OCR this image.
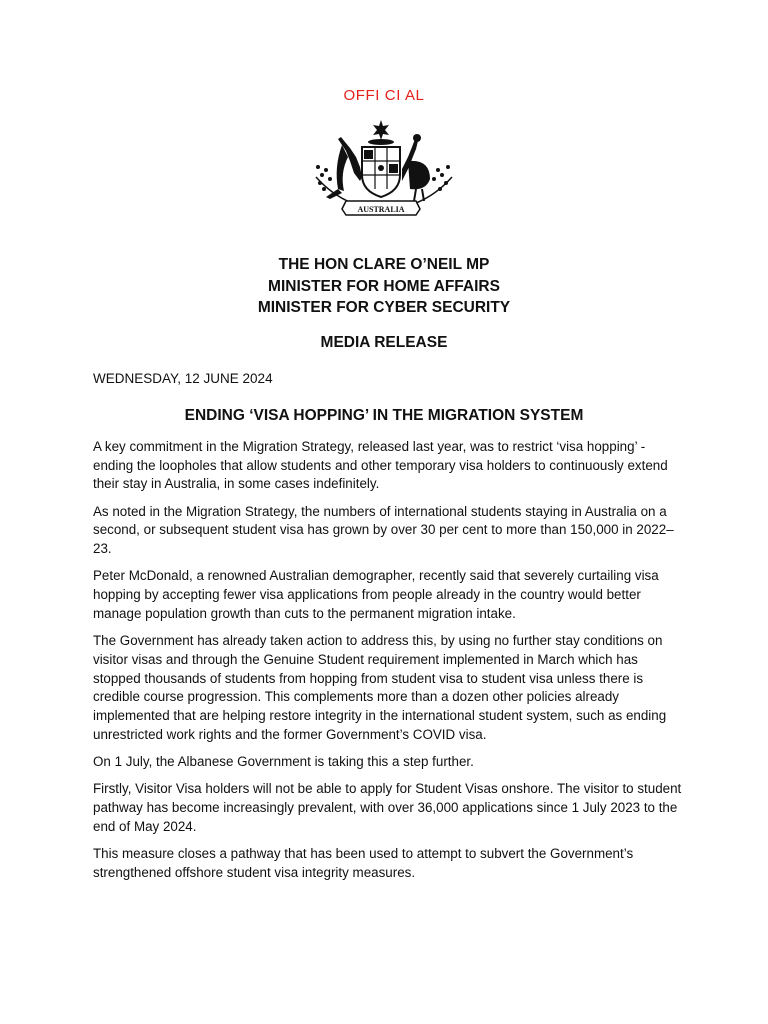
OFFI CI AL
AUSTRALIA
THE HON CLARE O’NEIL MP
MINISTER FOR HOME AFFAIRS
MINISTER FOR CYBER SECURITY
MEDIA RELEASE
WEDNESDAY, 12 JUNE 2024
ENDING ‘VISA HOPPING’ IN THE MIGRATION SYSTEM

A key commitment in the Migration Strategy, released last year, was to restrict ‘visa hopping’ - ending the loopholes that allow students and other temporary visa holders to continuously extend their stay in Australia, in some cases indefinitely.

As noted in the Migration Strategy, the numbers of international students staying in Australia on a second, or subsequent student visa has grown by over 30 per cent to more than 150,000 in 2022–23.

Peter McDonald, a renowned Australian demographer, recently said that severely curtailing visa hopping by accepting fewer visa applications from people already in the country would better manage population growth than cuts to the permanent migration intake.

The Government has already taken action to address this, by using no further stay conditions on visitor visas and through the Genuine Student requirement implemented in March which has stopped thousands of students from hopping from student visa to student visa unless there is credible course progression. This complements more than a dozen other policies already implemented that are helping restore integrity in the international student system, such as ending unrestricted work rights and the former Government’s COVID visa.

On 1 July, the Albanese Government is taking this a step further.

Firstly, Visitor Visa holders will not be able to apply for Student Visas onshore. The visitor to student pathway has become increasingly prevalent, with over 36,000 applications since 1 July 2023 to the end of May 2024.

This measure closes a pathway that has been used to attempt to subvert the Government’s strengthened offshore student visa integrity measures.
